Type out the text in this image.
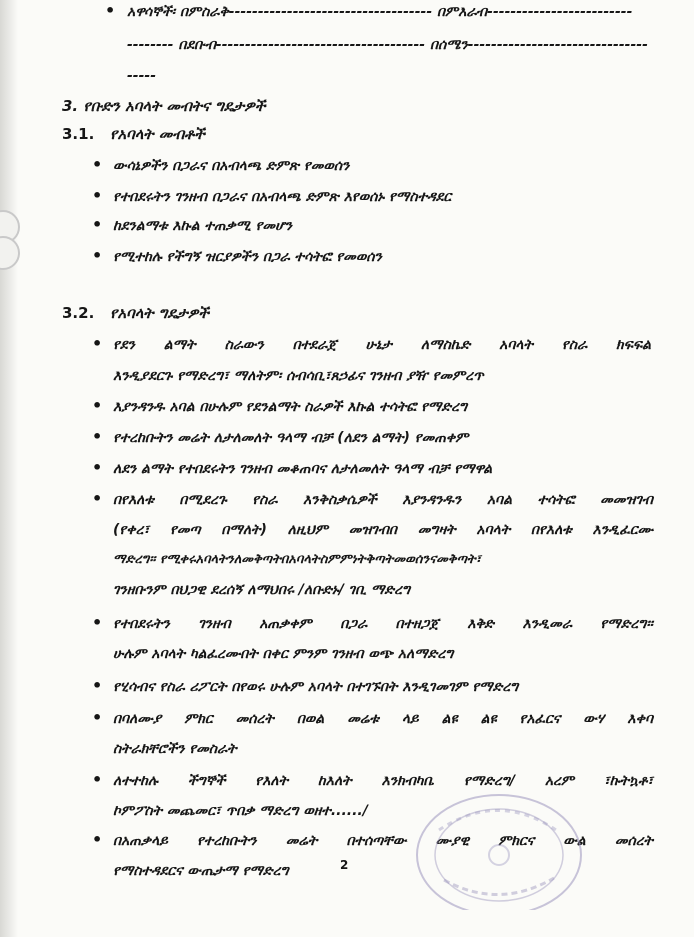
• አዋሳኞች፡ በምስራቅ----------------------------------- በምእራብ-------------------------
-------- በደቡብ------------------------------------ በሰሜን-------------------------------
-----
3. የቡድን አባላት መብትና ግዴታዎች
3.1. የአባላት መብቶች
• ውሳኔዎችን በጋራና በአብላጫ ድምጽ የመወሰን
• የተበደሩትን ገንዘብ በጋራና በአብላጫ ድምጽ እየወሰኑ የማስተዳደር
• ከደንልማቱ እኩል ተጠቃሚ የመሆን
• የሚተከሉ የችግኝ ዝርያዎችን በጋራ ተሳትፎ የመወሰን
3.2. የአባላት ግዴታዎች
• የደን ልማት ስራውን በተደራጀ ሁኔታ ለማስኬድ አባላት የስራ ክፍፍል
እንዲያደርጉ የማድረግ፣ ማለትም፡ ሰብሳቢ፣ጸኃፊና ገንዘብ ያዥ የመምረጥ
• እያንዳንዱ አባል በሁሉም የደንልማት ስራዎች እኩል ተሳትፎ የማድረግ
• የተረከቡትን መሬት ለታለመለት ዓላማ ብቻ (ለደን ልማት) የመጠቀም
• ለደን ልማት የተበደሩትን ገንዘብ መቆጠባና ለታለመለት ዓላማ ብቻ የማዋል
• በየእለቱ በሚደረጉ የስራ እንቅስቃሴዎች እያንዳንዱን አባል ተሳትፎ መመዝገብ
(የቀረ፣ የመጣ በማለት) ለዚህም መዝገብበ መግዛት አባላት በየእለቱ እንዲፈርሙ
ማድረግ፡፡ የሚቀሩአባላትንለመቅጣትበአባላትስምምነትቅጣትመወሰንናመቅጣት፣
ገንዘቡንም በህጋዊ ደረሰኝ ለማህበሩ /ለቡድኑ/ ገቢ ማድረግ
• የተበደሩትን ገንዘብ አጠቃቀም በጋራ በተዘጋጀ እቅድ እንዲመራ የማድረግ፡፡
ሁሉም አባላት ካልፈረሙበት በቀር ምንም ገንዘብ ወጭ አለማድረግ
• የሂሳብና የስራ ሪፖርት በየወሩ ሁሉም አባላት በተገኙበት እንዲገመገም የማድረግ
• በባለሙያ ምክር መሰረት በወል መሬቱ ላይ ልዩ ልዩ የአፈርና ውሃ እቀባ
ስትራክቸሮችን የመስራት
• ለተተከሉ ችግኞች የእለት ከእለት እንክብካቤ የማድረግ/ አረም ፣ኩትኳቶ፣
ኮምፖስት መጨመር፣ ጥበቃ ማድረግ ወዘተ....../
• በአጠቃላይ የተረከቡትን መሬት በተሰጣቸው ሙያዊ ምክርና ውል መሰረት
የማስተዳደርና ውጤታማ የማድረግ	2
